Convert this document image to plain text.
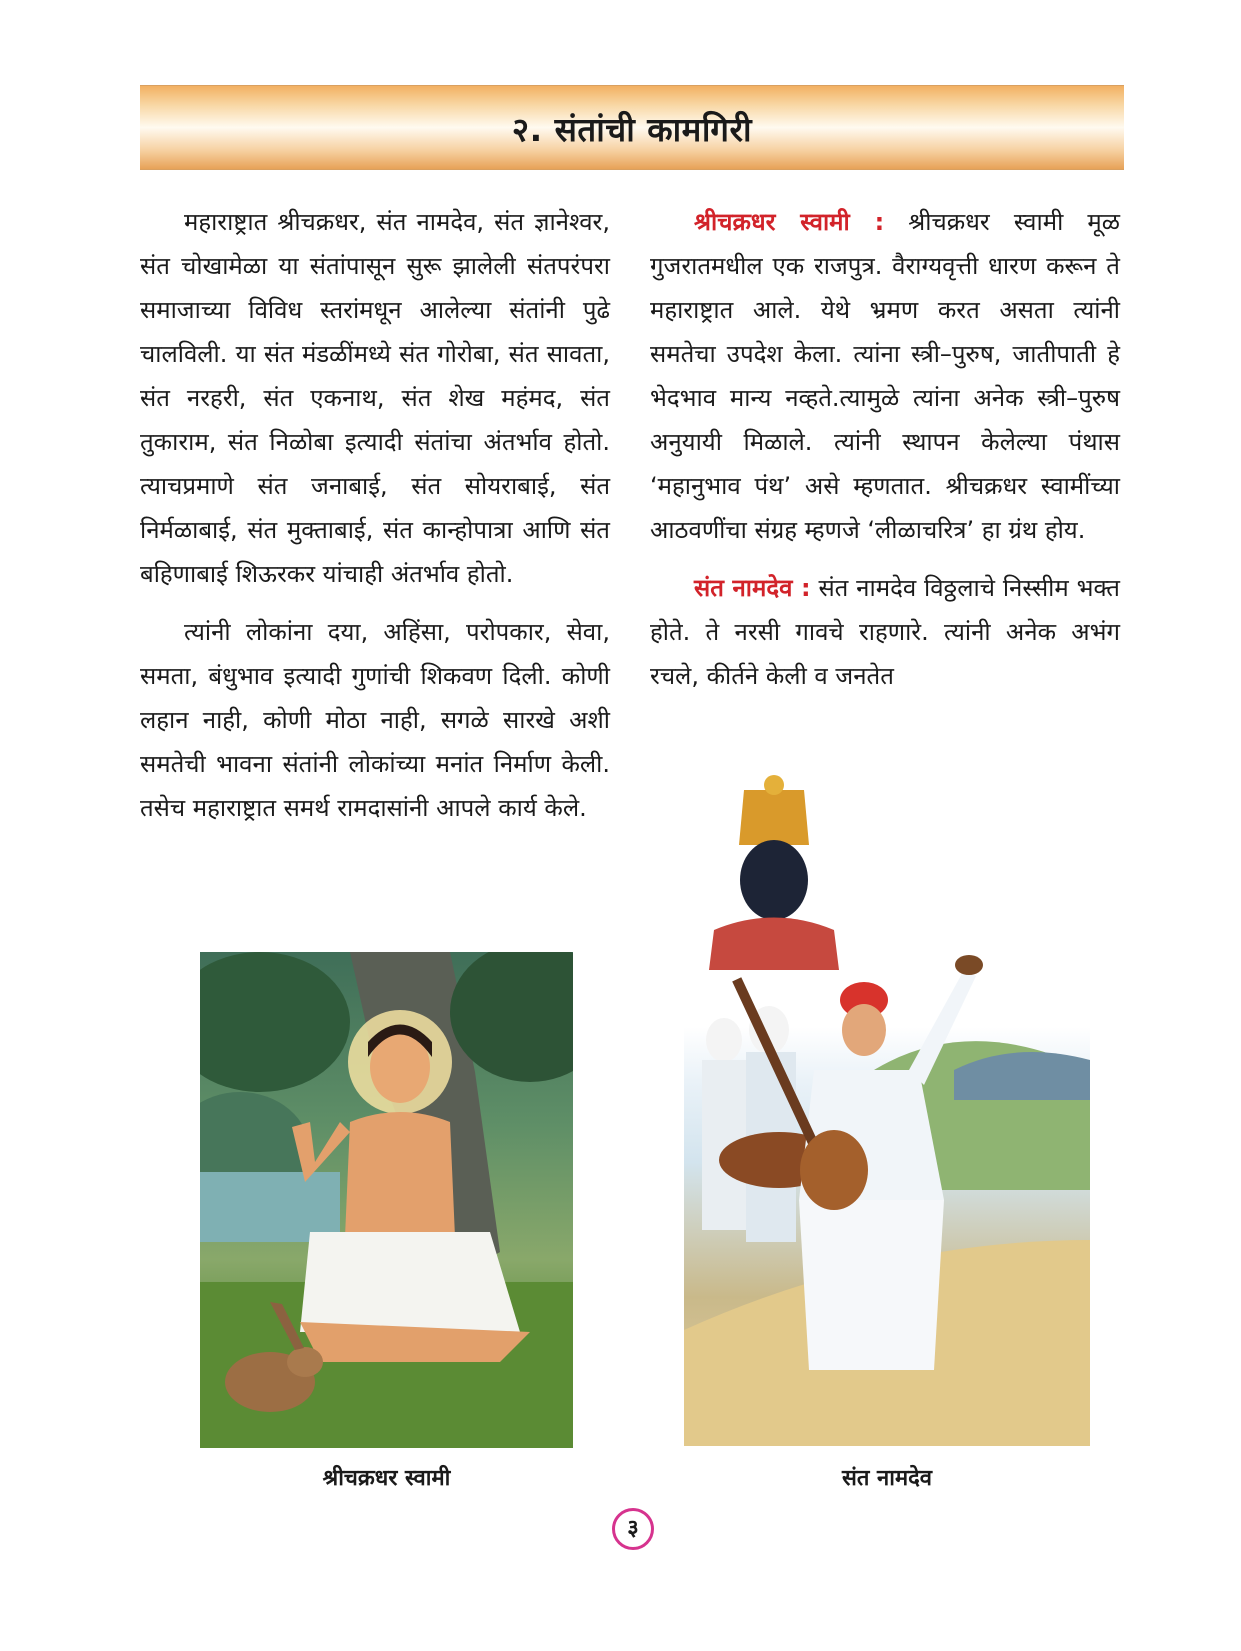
२. संतांची कामगिरी

महाराष्ट्रात श्रीचक्रधर, संत नामदेव, संत ज्ञानेश्वर, संत चोखामेळा या संतांपासून सुरू झालेली संतपरंपरा समाजाच्या विविध स्तरांमधून आलेल्या संतांनी पुढे चालविली. या संत मंडळींमध्ये संत गोरोबा, संत सावता, संत नरहरी, संत एकनाथ, संत शेख महंमद, संत तुकाराम, संत निळोबा इत्यादी संतांचा अंतर्भाव होतो. त्याचप्रमाणे संत जनाबाई, संत सोयराबाई, संत निर्मळाबाई, संत मुक्ताबाई, संत कान्होपात्रा आणि संत बहिणाबाई शिऊरकर यांचाही अंतर्भाव होतो.

त्यांनी लोकांना दया, अहिंसा, परोपकार, सेवा, समता, बंधुभाव इत्यादी गुणांची शिकवण दिली. कोणी लहान नाही, कोणी मोठा नाही, सगळे सारखे अशी समतेची भावना संतांनी लोकांच्या मनांत निर्माण केली. तसेच महाराष्ट्रात समर्थ रामदासांनी आपले कार्य केले.

श्रीचक्रधर स्वामी : श्रीचक्रधर स्वामी मूळ गुजरातमधील एक राजपुत्र. वैराग्यवृत्ती धारण करून ते महाराष्ट्रात आले. येथे भ्रमण करत असता त्यांनी समतेचा उपदेश केला. त्यांना स्त्री–पुरुष, जातीपाती हे भेदभाव मान्य नव्हते.त्यामुळे त्यांना अनेक स्त्री–पुरुष अनुयायी मिळाले. त्यांनी स्थापन केलेल्या पंथास ‘महानुभाव पंथ’ असे म्हणतात. श्रीचक्रधर स्वामींच्या आठवणींचा संग्रह म्हणजे ‘लीळाचरित्र’ हा ग्रंथ होय.

संत नामदेव : संत नामदेव विठ्ठलाचे निस्सीम भक्त होते. ते नरसी गावचे राहणारे. त्यांनी अनेक अभंग रचले, कीर्तने केली व जनतेत

श्रीचक्रधर स्वामी	संत नामदेव
३
